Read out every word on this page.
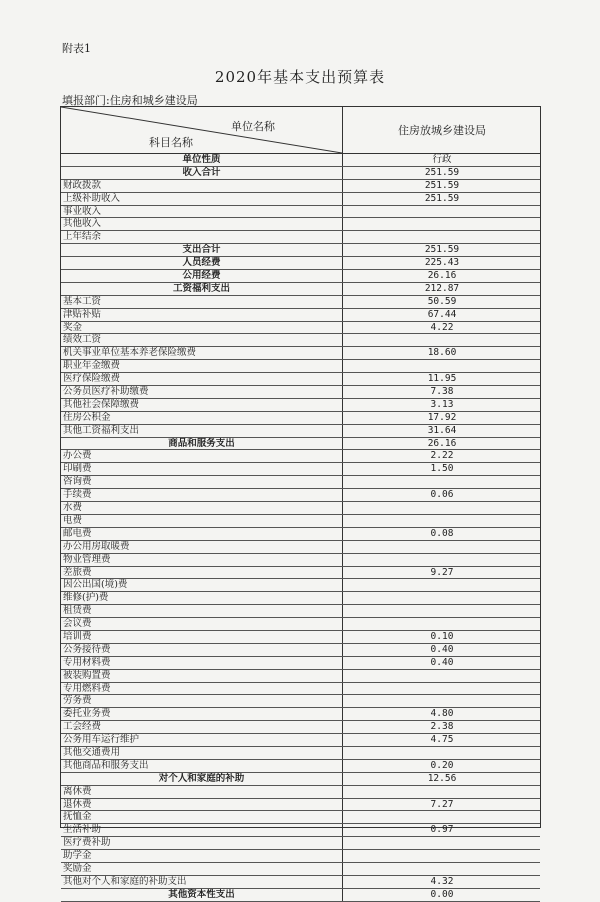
附表1
2020年基本支出预算表
填报部门:住房和城乡建设局
单位名称
科目名称
住房放城乡建设局
单位性质	行政
收入合计	251.59
财政拨款	251.59
上级补助收入	251.59
事业收入
其他收入
上年结余
支出合计	251.59
人员经费	225.43
公用经费	26.16
工资福利支出	212.87
基本工资	50.59
津贴补贴	67.44
奖金	4.22
绩效工资
机关事业单位基本养老保险缴费	18.60
职业年金缴费
医疗保险缴费	11.95
公务员医疗补助缴费	7.38
其他社会保障缴费	3.13
住房公积金	17.92
其他工资福利支出	31.64
商品和服务支出	26.16
办公费	2.22
印刷费	1.50
咨询费
手续费	0.06
水费
电费
邮电费	0.08
办公用房取暖费
物业管理费
差旅费	9.27
因公出国(境)费
维修(护)费
租赁费
会议费
培训费	0.10
公务接待费	0.40
专用材料费	0.40
被装购置费
专用燃料费
劳务费
委托业务费	4.80
工会经费	2.38
公务用车运行维护	4.75
其他交通费用
其他商品和服务支出	0.20
对个人和家庭的补助	12.56
离休费
退休费	7.27
抚恤金
生活补助	0.97
医疗费补助
助学金
奖励金
其他对个人和家庭的补助支出	4.32
其他资本性支出	0.00
